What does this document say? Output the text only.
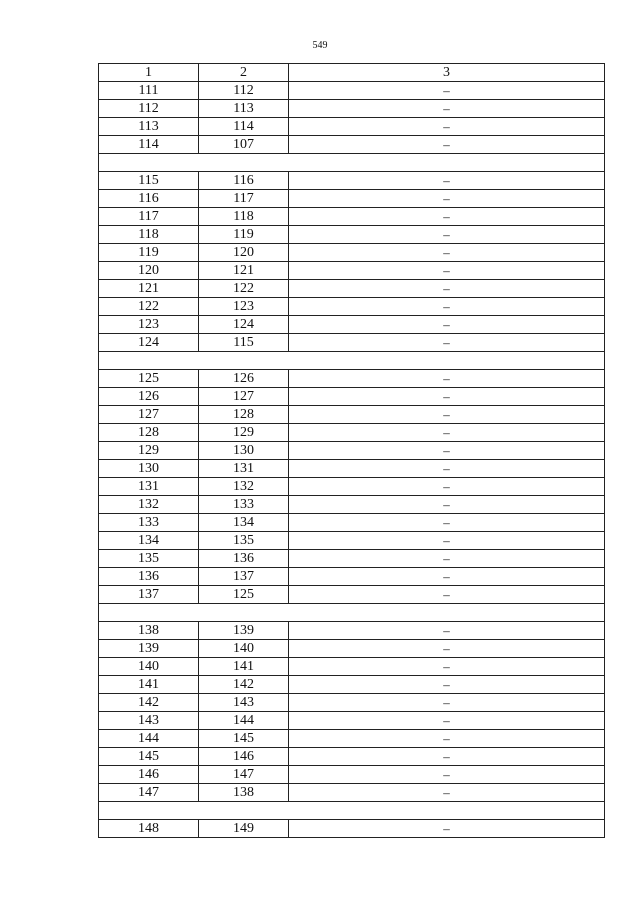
549
1	2	3
111	112	–
112	113	–
113	114	–
114	107	–

115	116	–
116	117	–
117	118	–
118	119	–
119	120	–
120	121	–
121	122	–
122	123	–
123	124	–
124	115	–

125	126	–
126	127	–
127	128	–
128	129	–
129	130	–
130	131	–
131	132	–
132	133	–
133	134	–
134	135	–
135	136	–
136	137	–
137	125	–

138	139	–
139	140	–
140	141	–
141	142	–
142	143	–
143	144	–
144	145	–
145	146	–
146	147	–
147	138	–

148	149	–
